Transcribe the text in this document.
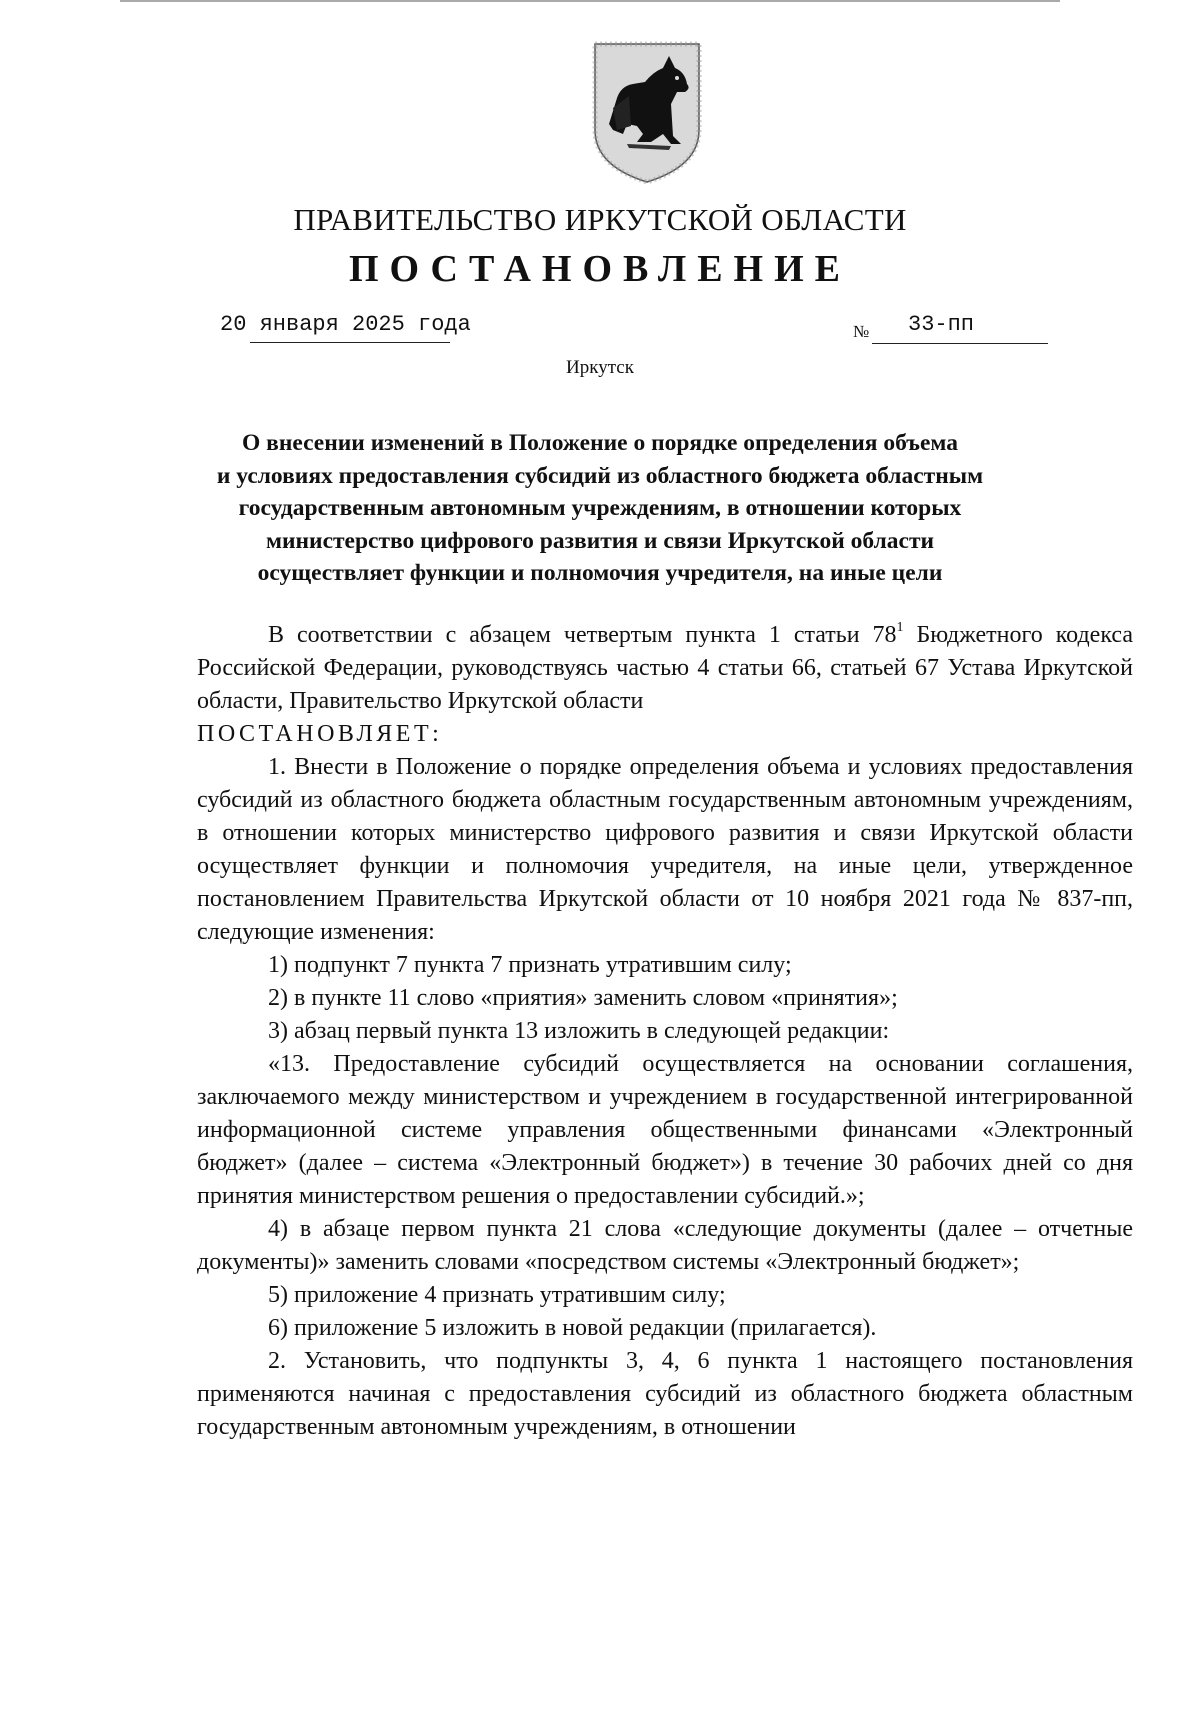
ПРАВИТЕЛЬСТВО ИРКУТСКОЙ ОБЛАСТИ
ПОСТАНОВЛЕНИЕ
20 января 2025 года	№ 33-пп
Иркутск
О внесении изменений в Положение о порядке определения объема
и условиях предоставления субсидий из областного бюджета областным
государственным автономным учреждениям, в отношении которых
министерство цифрового развития и связи Иркутской области
осуществляет функции и полномочия учредителя, на иные цели

В соответствии с абзацем четвертым пункта 1 статьи $78^1$ Бюджетного кодекса Российской Федерации, руководствуясь частью 4 статьи 66, статьей 67 Устава Иркутской области, Правительство Иркутской области

ПОСТАНОВЛЯЕТ:

1. Внести в Положение о порядке определения объема и условиях предоставления субсидий из областного бюджета областным государственным автономным учреждениям, в отношении которых министерство цифрового развития и связи Иркутской области осуществляет функции и полномочия учредителя, на иные цели, утвержденное постановлением Правительства Иркутской области от 10 ноября 2021 года № 837-пп, следующие изменения:

1) подпункт 7 пункта 7 признать утратившим силу;

2) в пункте 11 слово «приятия» заменить словом «принятия»;

3) абзац первый пункта 13 изложить в следующей редакции:

«13. Предоставление субсидий осуществляется на основании соглашения, заключаемого между министерством и учреждением в государственной интегрированной информационной системе управления общественными финансами «Электронный бюджет» (далее – система «Электронный бюджет») в течение 30 рабочих дней со дня принятия министерством решения о предоставлении субсидий.»;

4) в абзаце первом пункта 21 слова «следующие документы (далее – отчетные документы)» заменить словами «посредством системы «Электронный бюджет»;

5) приложение 4 признать утратившим силу;

6) приложение 5 изложить в новой редакции (прилагается).

2. Установить, что подпункты 3, 4, 6 пункта 1 настоящего постановления применяются начиная с предоставления субсидий из областного бюджета областным государственным автономным учреждениям, в отношении
